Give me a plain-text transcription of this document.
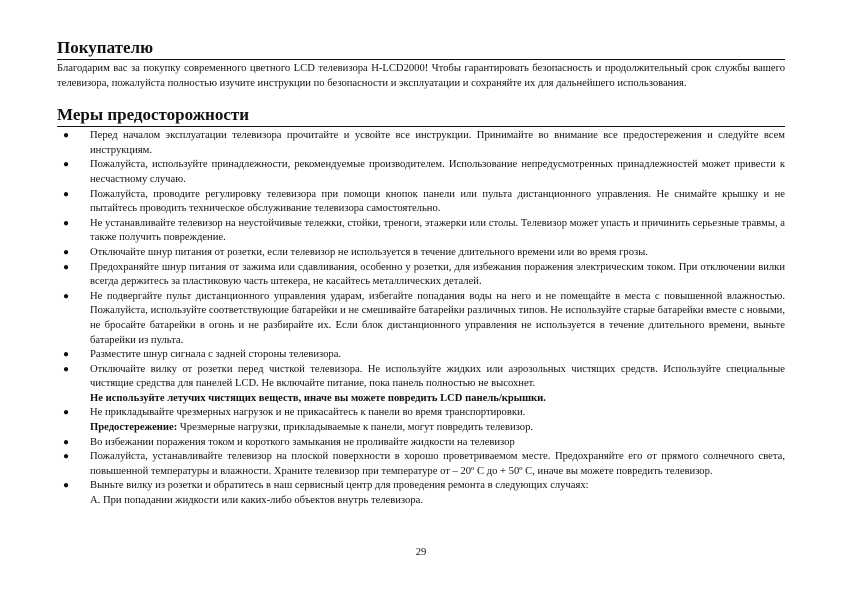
Покупателю

Благодарим вас за покупку современного цветного LCD телевизора H-LCD2000! Чтобы гарантировать безопасность и продолжительный срок службы вашего телевизора, пожалуйста полностью изучите инструкции по безопасности и эксплуатации и сохраняйте их для дальнейшего использования.

Меры предосторожности
● Перед началом эксплуатации телевизора прочитайте и усвойте все инструкции. Принимайте во внимание все предостережения и следуйте всем инструкциям.
● Пожалуйста, используйте принадлежности, рекомендуемые производителем. Использование непредусмотренных принадлежностей может привести к несчастному случаю.
● Пожалуйста, проводите регулировку телевизора при помощи кнопок панели или пульта дистанционного управления. Не снимайте крышку и не пытайтесь проводить техническое обслуживание телевизора самостоятельно.
● Не устанавливайте телевизор на неустойчивые тележки, стойки, треноги, этажерки или столы. Телевизор может упасть и причинить серьезные травмы, а также получить повреждение.
● Отключайте шнур питания от розетки, если телевизор не используется в течение длительного времени или во время грозы.
● Предохраняйте шнур питания от зажима или сдавливания, особенно у розетки, для избежания поражения электрическим током. При отключении вилки всегда держитесь за пластиковую часть штекера, не касайтесь металлических деталей.
● Не подвергайте пульт дистанционного управления ударам, избегайте попадания воды на него и не помещайте в места с повышенной влажностью. Пожалуйста, используйте соответствующие батарейки и не смешивайте батарейки различных типов. Не используйте старые батарейки вместе с новыми, не бросайте батарейки в огонь и не разбирайте их. Если блок дистанционного управления не используется в течение длительного времени, выньте батарейки из пульта.
● Разместите шнур сигнала с задней стороны телевизора.
● Отключайте вилку от розетки перед чисткой телевизора. Не используйте жидких или аэрозольных чистящих средств. Используйте специальные чистящие средства для панелей LCD. Не включайте питание, пока панель полностью не высохнет.
Не используйте летучих чистящих веществ, иначе вы можете повредить LCD панель/крышки.
● Не прикладывайте чрезмерных нагрузок и не прикасайтесь к панели во время транспортировки.
Предостережение: Чрезмерные нагрузки, прикладываемые к панели, могут повредить телевизор.
● Во избежании поражения током и короткого замыкания не проливайте жидкости на телевизор
● Пожалуйста, устанавливайте телевизор на плоской поверхности в хорошо проветриваемом месте. Предохраняйте его от прямого солнечного света, повышенной температуры и влажности. Храните телевизор при температуре от – 20º С до + 50º С, иначе вы можете повредить телевизор.
● Выньте вилку из розетки и обратитесь в наш сервисный центр для проведения ремонта в следующих случаях:
А. При попадании жидкости или каких-либо объектов внутрь телевизора.
29
